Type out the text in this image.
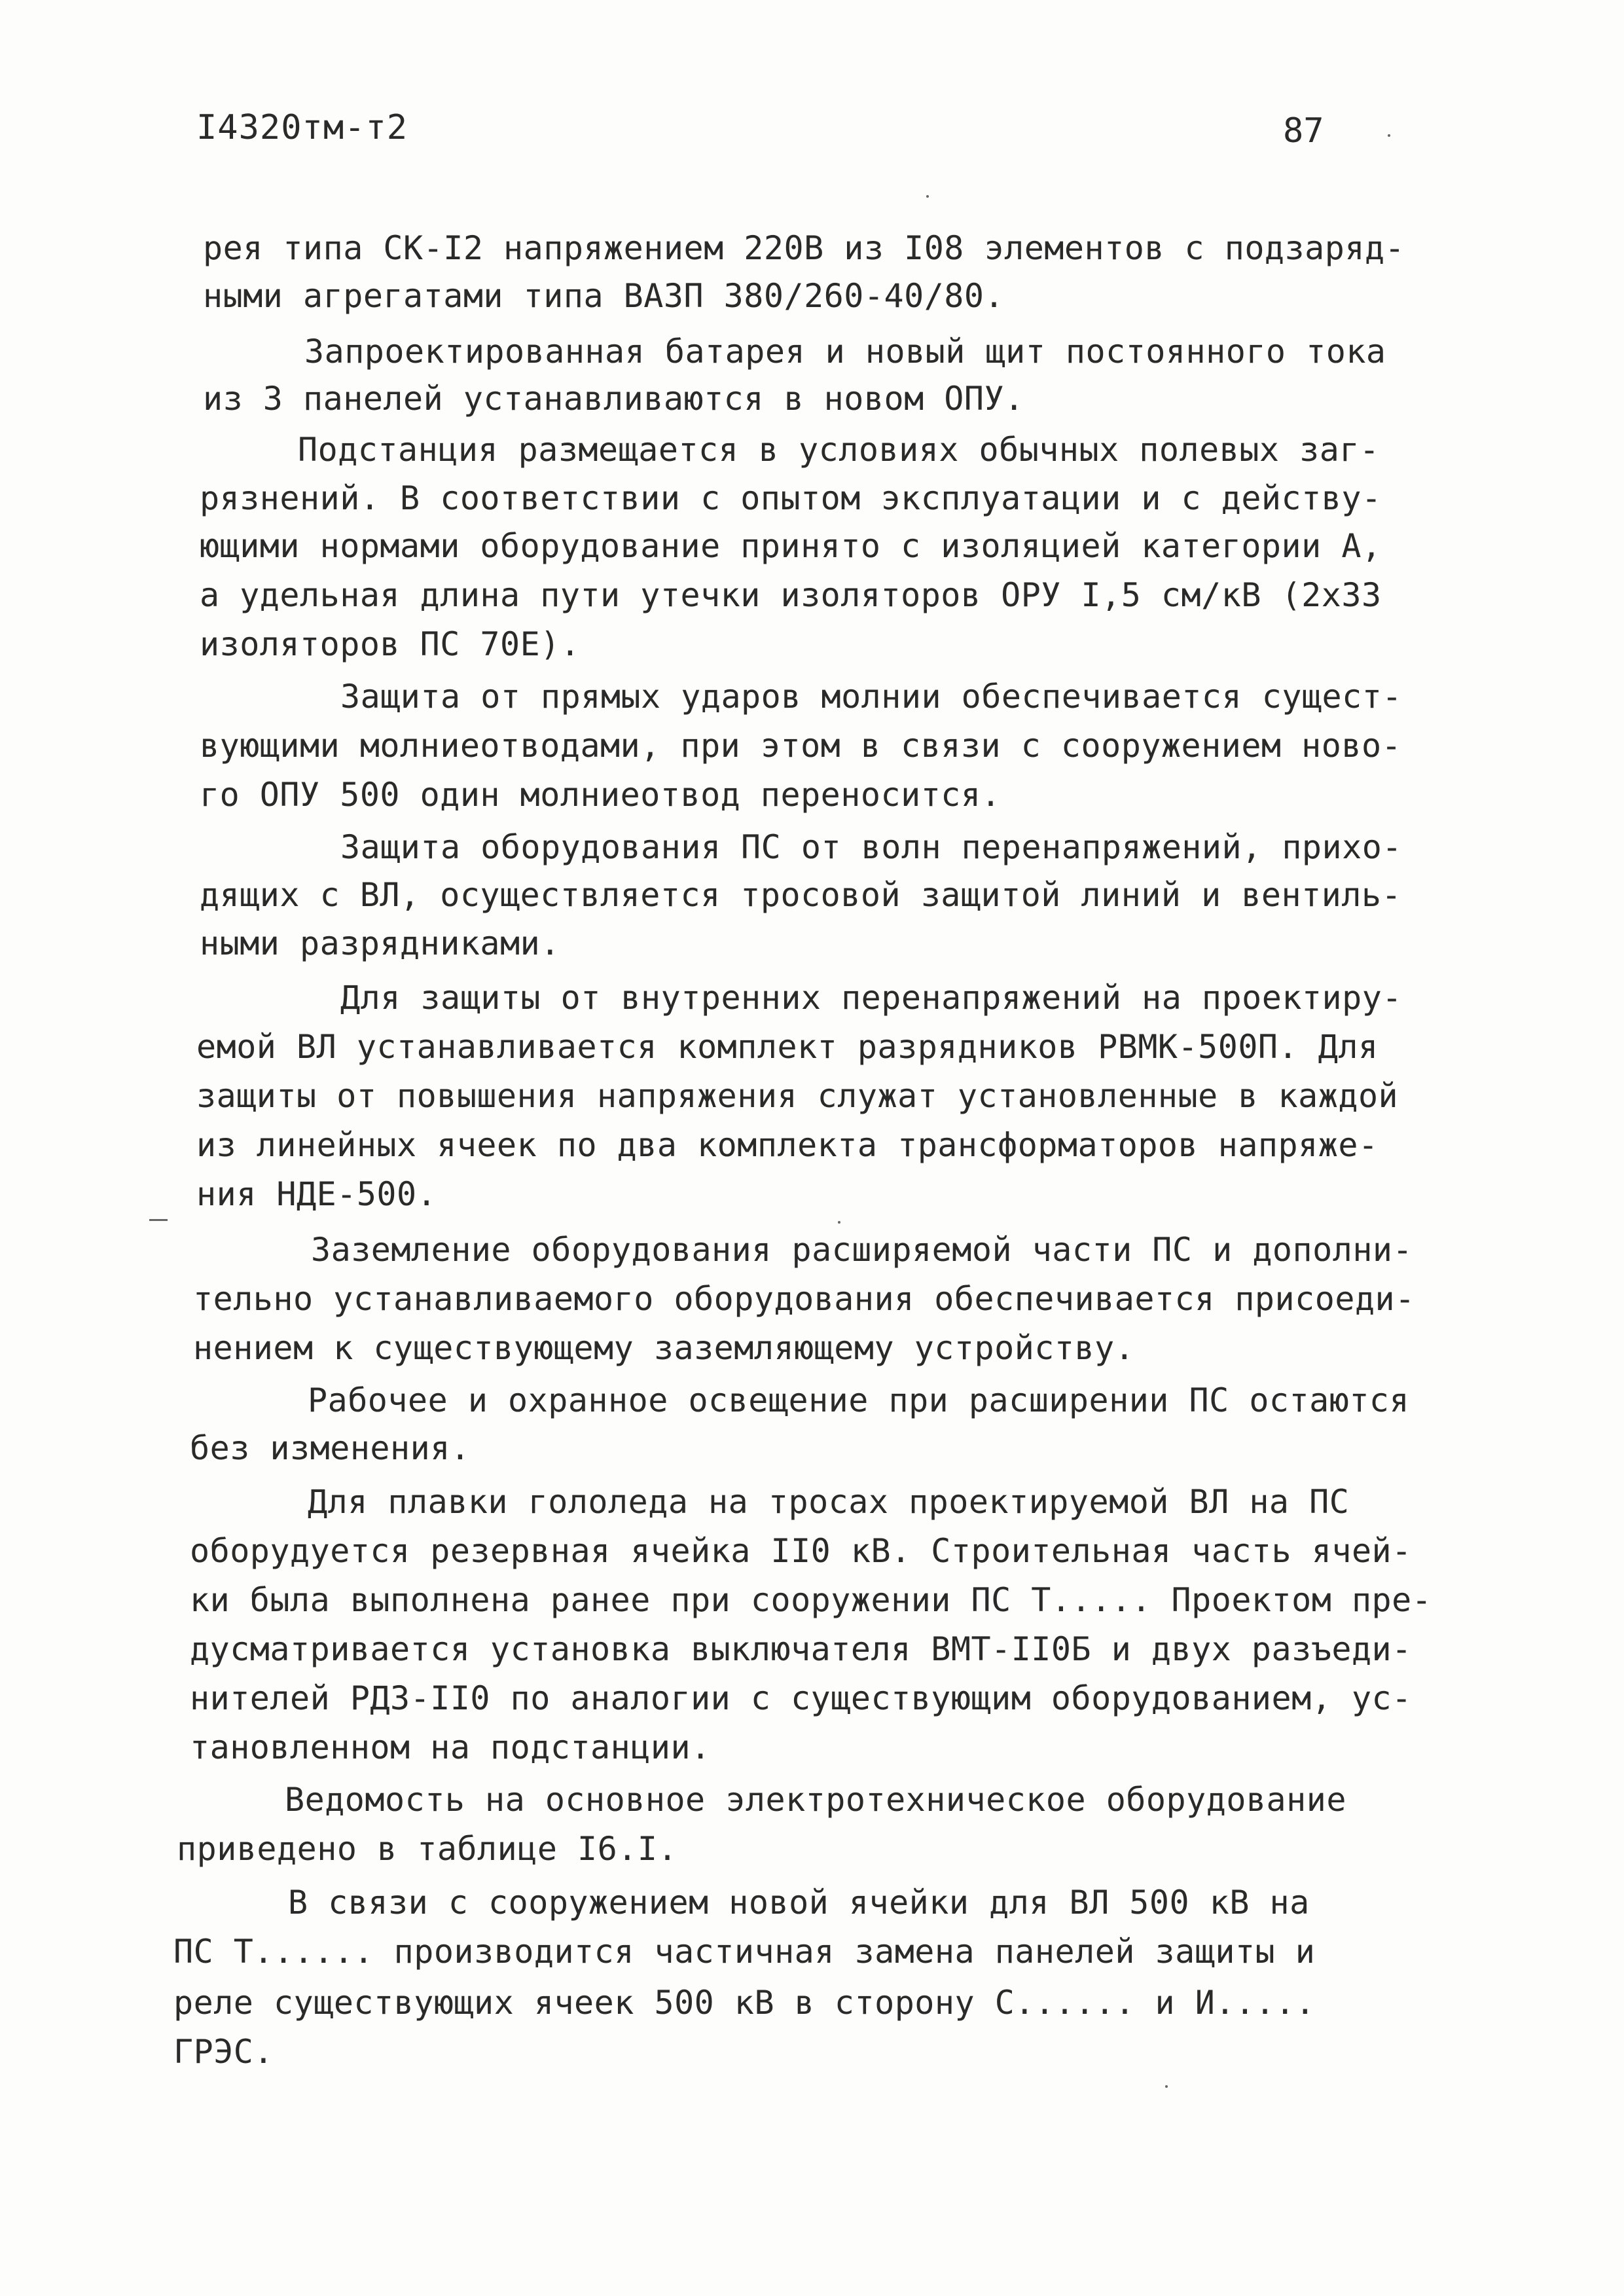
I4320тм-т2	87
рея типа СК-I2 напряжением 220В из I08 элементов с подзаряд-
ными агрегатами типа ВАЗП 380/260-40/80.
Запроектированная батарея и новый щит постоянного тока
из 3 панелей устанавливаются в новом ОПУ.
Подстанция размещается в условиях обычных полевых заг-
рязнений. В соответствии с опытом эксплуатации и с действу-
ющими нормами оборудование принято с изоляцией категории А,
а удельная длина пути утечки изоляторов ОРУ I,5 см/кВ (2х33
изоляторов ПС 70Е).
Защита от прямых ударов молнии обеспечивается сущест-
вующими молниеотводами, при этом в связи с сооружением ново-
го ОПУ 500 один молниеотвод переносится.
Защита оборудования ПС от волн перенапряжений, прихо-
дящих с ВЛ, осуществляется тросовой защитой линий и вентиль-
ными разрядниками.
Для защиты от внутренних перенапряжений на проектиру-
емой ВЛ устанавливается комплект разрядников РВМК-500П. Для
защиты от повышения напряжения служат установленные в каждой
из линейных ячеек по два комплекта трансформаторов напряже-
ния НДЕ-500.
Заземление оборудования расширяемой части ПС и дополни-
тельно устанавливаемого оборудования обеспечивается присоеди-
нением к существующему заземляющему устройству.
Рабочее и охранное освещение при расширении ПС остаются
без изменения.
Для плавки гололеда на тросах проектируемой ВЛ на ПС
оборудуется резервная ячейка II0 кВ. Строительная часть ячей-
ки была выполнена ранее при сооружении ПС Т..... Проектом пре-
дусматривается установка выключателя ВМТ-II0Б и двух разъеди-
нителей РДЗ-II0 по аналогии с существующим оборудованием, ус-
тановленном на подстанции.
Ведомость на основное электротехническое оборудование
приведено в таблице I6.I.
В связи с сооружением новой ячейки для ВЛ 500 кВ на
ПС Т...... производится частичная замена панелей защиты и
реле существующих ячеек 500 кВ в сторону С...... и И.....
ГРЭС.
